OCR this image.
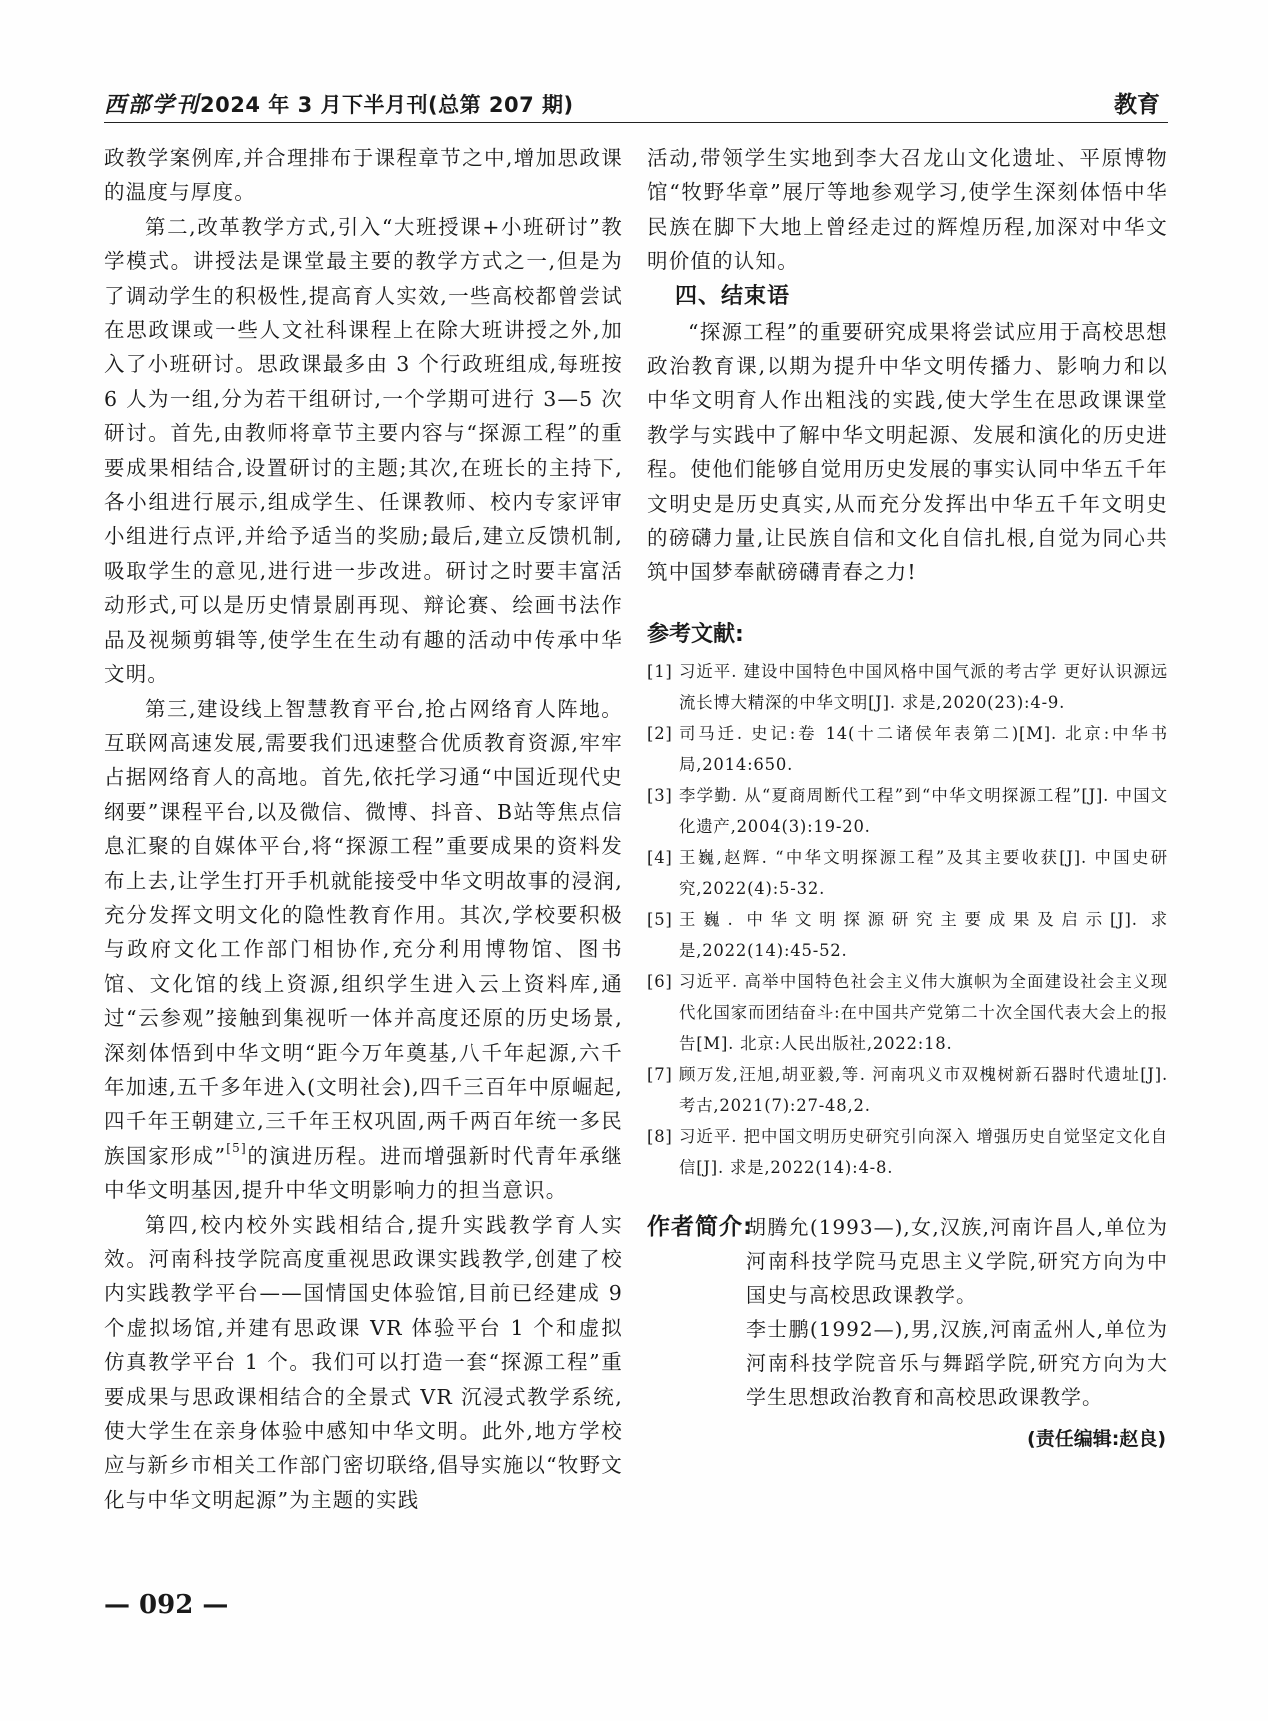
西部学刊2024 年 3 月下半月刊(总第 207 期)	教育

政教学案例库,并合理排布于课程章节之中,增加思政课的温度与厚度。

第二,改革教学方式,引入“大班授课+小班研讨”教学模式。讲授法是课堂最主要的教学方式之一,但是为了调动学生的积极性,提高育人实效,一些高校都曾尝试在思政课或一些人文社科课程上在除大班讲授之外,加入了小班研讨。思政课最多由 3 个行政班组成,每班按 6 人为一组,分为若干组研讨,一个学期可进行 3—5 次研讨。首先,由教师将章节主要内容与“探源工程”的重要成果相结合,设置研讨的主题;其次,在班长的主持下,各小组进行展示,组成学生、任课教师、校内专家评审小组进行点评,并给予适当的奖励;最后,建立反馈机制,吸取学生的意见,进行进一步改进。研讨之时要丰富活动形式,可以是历史情景剧再现、辩论赛、绘画书法作品及视频剪辑等,使学生在生动有趣的活动中传承中华文明。

第三,建设线上智慧教育平台,抢占网络育人阵地。互联网高速发展,需要我们迅速整合优质教育资源,牢牢占据网络育人的高地。首先,依托学习通“中国近现代史纲要”课程平台,以及微信、微博、抖音、B站等焦点信息汇聚的自媒体平台,将“探源工程”重要成果的资料发布上去,让学生打开手机就能接受中华文明故事的浸润,充分发挥文明文化的隐性教育作用。其次,学校要积极与政府文化工作部门相协作,充分利用博物馆、图书馆、文化馆的线上资源,组织学生进入云上资料库,通过“云参观”接触到集视听一体并高度还原的历史场景,深刻体悟到中华文明“距今万年奠基,八千年起源,六千年加速,五千多年进入(文明社会),四千三百年中原崛起,四千年王朝建立,三千年王权巩固,两千两百年统一多民族国家形成”[5]的演进历程。进而增强新时代青年承继中华文明基因,提升中华文明影响力的担当意识。

第四,校内校外实践相结合,提升实践教学育人实效。河南科技学院高度重视思政课实践教学,创建了校内实践教学平台——国情国史体验馆,目前已经建成 9 个虚拟场馆,并建有思政课 VR 体验平台 1 个和虚拟仿真教学平台 1 个。我们可以打造一套“探源工程”重要成果与思政课相结合的全景式 VR 沉浸式教学系统,使大学生在亲身体验中感知中华文明。此外,地方学校应与新乡市相关工作部门密切联络,倡导实施以“牧野文化与中华文明起源”为主题的实践

活动,带领学生实地到李大召龙山文化遗址、平原博物馆“牧野华章”展厅等地参观学习,使学生深刻体悟中华民族在脚下大地上曾经走过的辉煌历程,加深对中华文明价值的认知。

四、结束语

“探源工程”的重要研究成果将尝试应用于高校思想政治教育课,以期为提升中华文明传播力、影响力和以中华文明育人作出粗浅的实践,使大学生在思政课课堂教学与实践中了解中华文明起源、发展和演化的历史进程。使他们能够自觉用历史发展的事实认同中华五千年文明史是历史真实,从而充分发挥出中华五千年文明史的磅礴力量,让民族自信和文化自信扎根,自觉为同心共筑中国梦奉献磅礴青春之力!

参考文献:
[1] 习近平. 建设中国特色中国风格中国气派的考古学 更好认识源远流长博大精深的中华文明[J]. 求是,2020(23):4-9.
[2] 司马迁. 史记:卷 14(十二诸侯年表第二)[M]. 北京:中华书局,2014:650.
[3] 李学勤. 从“夏商周断代工程”到“中华文明探源工程”[J]. 中国文化遗产,2004(3):19-20.
[4] 王巍,赵辉. “中华文明探源工程”及其主要收获[J]. 中国史研究,2022(4):5-32.
[5] 王巍. 中华文明探源研究主要成果及启示[J]. 求是,2022(14):45-52.
[6] 习近平. 高举中国特色社会主义伟大旗帜为全面建设社会主义现代化国家而团结奋斗:在中国共产党第二十次全国代表大会上的报告[M]. 北京:人民出版社,2022:18.
[7] 顾万发,汪旭,胡亚毅,等. 河南巩义市双槐树新石器时代遗址[J]. 考古,2021(7):27-48,2.
[8] 习近平. 把中国文明历史研究引向深入 增强历史自觉坚定文化自信[J]. 求是,2022(14):4-8.
作者简介:

胡腾允(1993—),女,汉族,河南许昌人,单位为河南科技学院马克思主义学院,研究方向为中国史与高校思政课教学。

李士鹏(1992—),男,汉族,河南孟州人,单位为河南科技学院音乐与舞蹈学院,研究方向为大学生思想政治教育和高校思政课教学。

(责任编辑:赵良)
— 092 —
